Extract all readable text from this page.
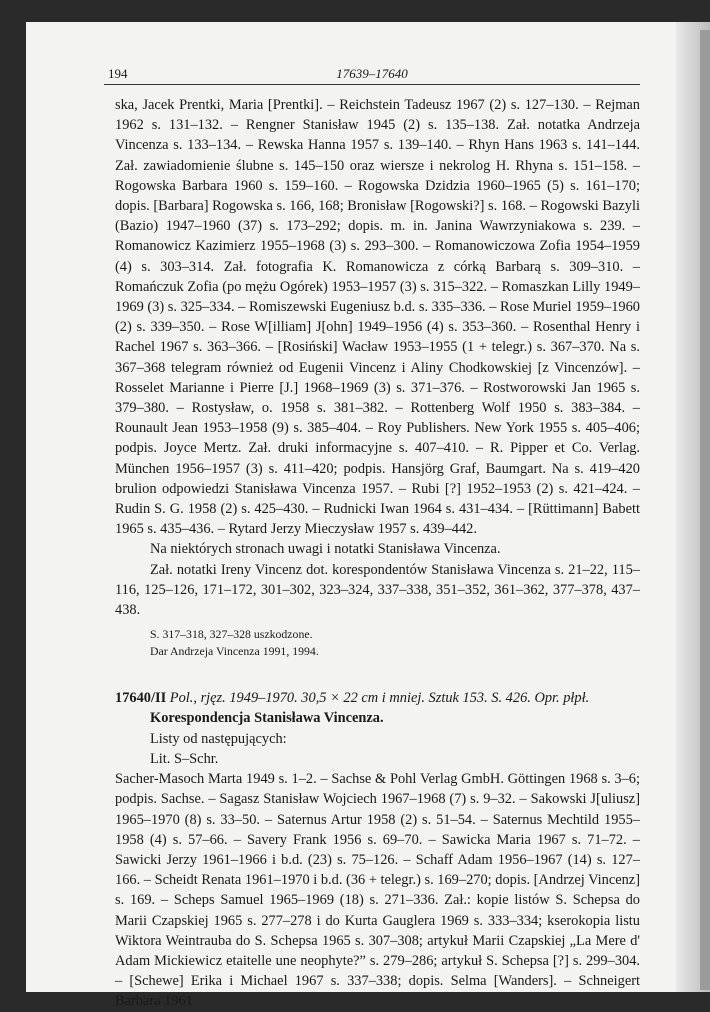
194	17639–17640

ska, Jacek Prentki, Maria [Prentki]. – Reichstein Tadeusz 1967 (2) s. 127–130. – Rejman 1962 s. 131–132. – Rengner Stanisław 1945 (2) s. 135–138. Zał. notatka Andrzeja Vincenza s. 133–134. – Rewska Hanna 1957 s. 139–140. – Rhyn Hans 1963 s. 141–144. Zał. zawiadomienie ślubne s. 145–150 oraz wiersze i nekrolog H. Rhyna s. 151–158. – Rogowska Barbara 1960 s. 159–160. – Rogowska Dzidzia 1960–1965 (5) s. 161–170; dopis. [Barbara] Rogowska s. 166, 168; Bronisław [Rogowski?] s. 168. – Rogowski Bazyli (Bazio) 1947–1960 (37) s. 173–292; dopis. m. in. Janina Wawrzyniakowa s. 239. – Romanowicz Kazimierz 1955–1968 (3) s. 293–300. – Romanowiczowa Zofia 1954–1959 (4) s. 303–314. Zał. fotografia K. Romanowicza z córką Barbarą s. 309–310. – Romańczuk Zofia (po mężu Ogórek) 1953–1957 (3) s. 315–322. – Romaszkan Lilly 1949–1969 (3) s. 325–334. – Romiszewski Eugeniusz b.d. s. 335–336. – Rose Muriel 1959–1960 (2) s. 339–350. – Rose W[illiam] J[ohn] 1949–1956 (4) s. 353–360. – Rosenthal Henry i Rachel 1967 s. 363–366. – [Rosiński] Wacław 1953–1955 (1 + telegr.) s. 367–370. Na s. 367–368 telegram również od Eugenii Vincenz i Aliny Chodkowskiej [z Vincenzów]. – Rosselet Marianne i Pierre [J.] 1968–1969 (3) s. 371–376. – Rostworowski Jan 1965 s. 379–380. – Rostysław, o. 1958 s. 381–382. – Rottenberg Wolf 1950 s. 383–384. – Rounault Jean 1953–1958 (9) s. 385–404. – Roy Publishers. New York 1955 s. 405–406; podpis. Joyce Mertz. Zał. druki informacyjne s. 407–410. – R. Pipper et Co. Verlag. München 1956–1957 (3) s. 411–420; podpis. Hansjörg Graf, Baumgart. Na s. 419–420 brulion odpowiedzi Stanisława Vincenza 1957. – Rubi [?] 1952–1953 (2) s. 421–424. – Rudin S. G. 1958 (2) s. 425–430. – Rudnicki Iwan 1964 s. 431–434. – [Rüttimann] Babett 1965 s. 435–436. – Rytard Jerzy Mieczysław 1957 s. 439–442.

Na niektórych stronach uwagi i notatki Stanisława Vincenza.

Zał. notatki Ireny Vincenz dot. korespondentów Stanisława Vincenza s. 21–22, 115–116, 125–126, 171–172, 301–302, 323–324, 337–338, 351–352, 361–362, 377–378, 437–438.

S. 317–318, 327–328 uszkodzone.

Dar Andrzeja Vincenza 1991, 1994.

17640/II Pol., rjęz. 1949–1970. 30,5 × 22 cm i mniej. Sztuk 153. S. 426. Opr. płpł.

Korespondencja Stanisława Vincenza.

Listy od następujących:

Lit. S–Schr.

Sacher-Masoch Marta 1949 s. 1–2. – Sachse & Pohl Verlag GmbH. Göttingen 1968 s. 3–6; podpis. Sachse. – Sagasz Stanisław Wojciech 1967–1968 (7) s. 9–32. – Sakowski J[uliusz] 1965–1970 (8) s. 33–50. – Saternus Artur 1958 (2) s. 51–54. – Saternus Mechtild 1955–1958 (4) s. 57–66. – Savery Frank 1956 s. 69–70. – Sawicka Maria 1967 s. 71–72. – Sawicki Jerzy 1961–1966 i b.d. (23) s. 75–126. – Schaff Adam 1956–1967 (14) s. 127–166. – Scheidt Renata 1961–1970 i b.d. (36 + telegr.) s. 169–270; dopis. [Andrzej Vincenz] s. 169. – Scheps Samuel 1965–1969 (18) s. 271–336. Zał.: kopie listów S. Schepsa do Marii Czapskiej 1965 s. 277–278 i do Kurta Gauglera 1969 s. 333–334; kserokopia listu Wiktora Weintrauba do S. Schepsa 1965 s. 307–308; artykuł Marii Czapskiej „La Mere d' Adam Mickiewicz etaitelle une neophyte?” s. 279–286; artykuł S. Schepsa [?] s. 299–304. – [Schewe] Erika i Michael 1967 s. 337–338; dopis. Selma [Wanders]. – Schneigert Barbara 1961
